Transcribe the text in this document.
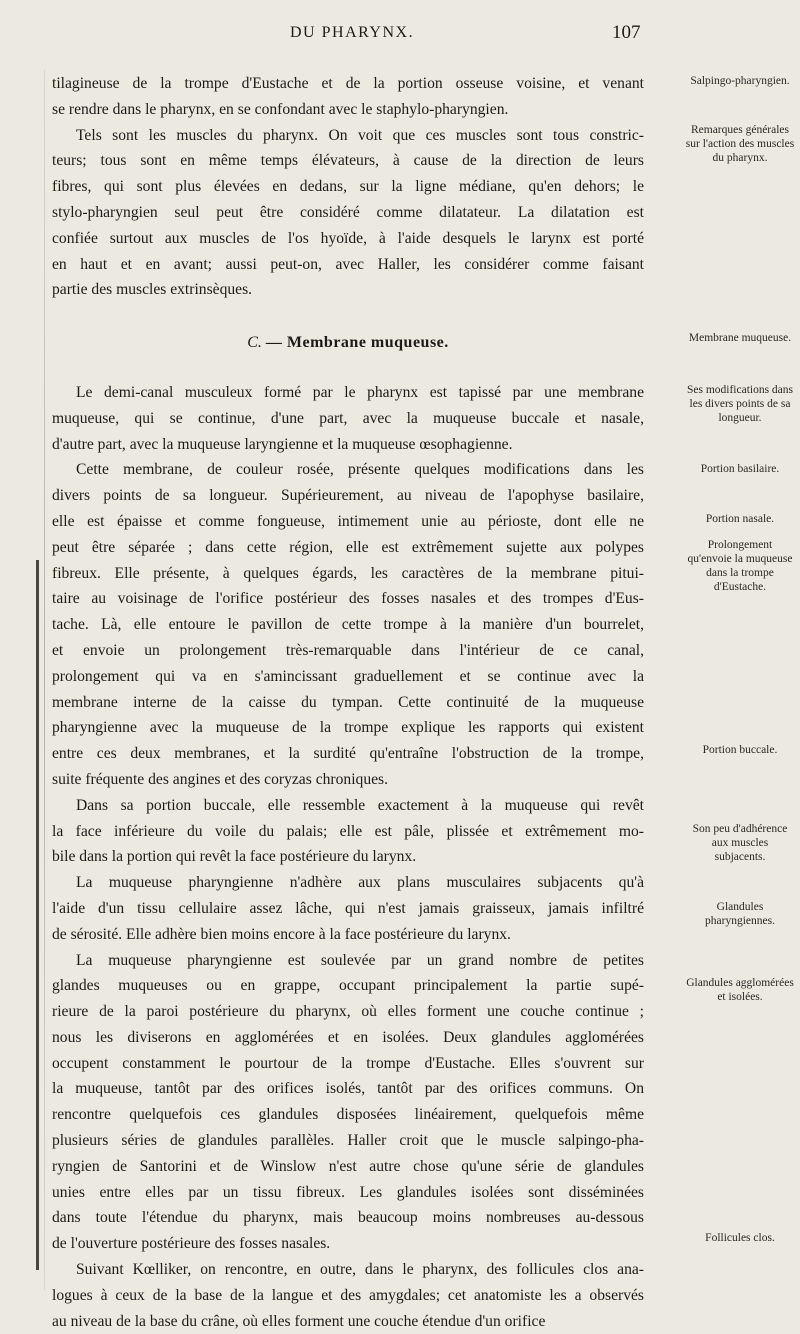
DU PHARYNX.	107

tilagineuse de la trompe d'Eustache et de la portion osseuse voisine, et venant
se rendre dans le pharynx, en se confondant avec le staphylo-pharyngien.
Tels sont les muscles du pharynx. On voit que ces muscles sont tous constric-
teurs; tous sont en même temps élévateurs, à cause de la direction de leurs
fibres, qui sont plus élevées en dedans, sur la ligne médiane, qu'en dehors; le
stylo-pharyngien seul peut être considéré comme dilatateur. La dilatation est
confiée surtout aux muscles de l'os hyoïde, à l'aide desquels le larynx est porté
en haut et en avant; aussi peut-on, avec Haller, les considérer comme faisant
partie des muscles extrinsèques.

C. — Membrane muqueuse.

Le demi-canal musculeux formé par le pharynx est tapissé par une membrane
muqueuse, qui se continue, d'une part, avec la muqueuse buccale et nasale,
d'autre part, avec la muqueuse laryngienne et la muqueuse œsophagienne.
Cette membrane, de couleur rosée, présente quelques modifications dans les
divers points de sa longueur. Supérieurement, au niveau de l'apophyse basilaire,
elle est épaisse et comme fongueuse, intimement unie au périoste, dont elle ne
peut être séparée ; dans cette région, elle est extrêmement sujette aux polypes
fibreux. Elle présente, à quelques égards, les caractères de la membrane pitui-
taire au voisinage de l'orifice postérieur des fosses nasales et des trompes d'Eus-
tache. Là, elle entoure le pavillon de cette trompe à la manière d'un bourrelet,
et envoie un prolongement très-remarquable dans l'intérieur de ce canal,
prolongement qui va en s'amincissant graduellement et se continue avec la
membrane interne de la caisse du tympan. Cette continuité de la muqueuse
pharyngienne avec la muqueuse de la trompe explique les rapports qui existent
entre ces deux membranes, et la surdité qu'entraîne l'obstruction de la trompe,
suite fréquente des angines et des coryzas chroniques.
Dans sa portion buccale, elle ressemble exactement à la muqueuse qui revêt
la face inférieure du voile du palais; elle est pâle, plissée et extrêmement mo-
bile dans la portion qui revêt la face postérieure du larynx.
La muqueuse pharyngienne n'adhère aux plans musculaires subjacents qu'à
l'aide d'un tissu cellulaire assez lâche, qui n'est jamais graisseux, jamais infiltré
de sérosité. Elle adhère bien moins encore à la face postérieure du larynx.
La muqueuse pharyngienne est soulevée par un grand nombre de petites
glandes muqueuses ou en grappe, occupant principalement la partie supé-
rieure de la paroi postérieure du pharynx, où elles forment une couche continue ;
nous les diviserons en agglomérées et en isolées. Deux glandules agglomérées
occupent constamment le pourtour de la trompe d'Eustache. Elles s'ouvrent sur
la muqueuse, tantôt par des orifices isolés, tantôt par des orifices communs. On
rencontre quelquefois ces glandules disposées linéairement, quelquefois même
plusieurs séries de glandules parallèles. Haller croit que le muscle salpingo-pha-
ryngien de Santorini et de Winslow n'est autre chose qu'une série de glandules
unies entre elles par un tissu fibreux. Les glandules isolées sont disséminées
dans toute l'étendue du pharynx, mais beaucoup moins nombreuses au-dessous
de l'ouverture postérieure des fosses nasales.
Suivant Kœlliker, on rencontre, en outre, dans le pharynx, des follicules clos ana-
logues à ceux de la base de la langue et des amygdales; cet anatomiste les a observés
au niveau de la base du crâne, où elles forment une couche étendue d'un orifice

Salpingo-pharyngien.
Remarques générales sur l'action des muscles du pharynx.
Membrane muqueuse.
Ses modifications dans les divers points de sa longueur.
Portion basilaire.
Portion nasale.
Prolongement qu'envoie la muqueuse dans la trompe d'Eustache.
Portion buccale.
Son peu d'adhérence aux muscles subjacents.
Glandules pharyngiennes.
Glandules agglomérées et isolées.
Follicules clos.
